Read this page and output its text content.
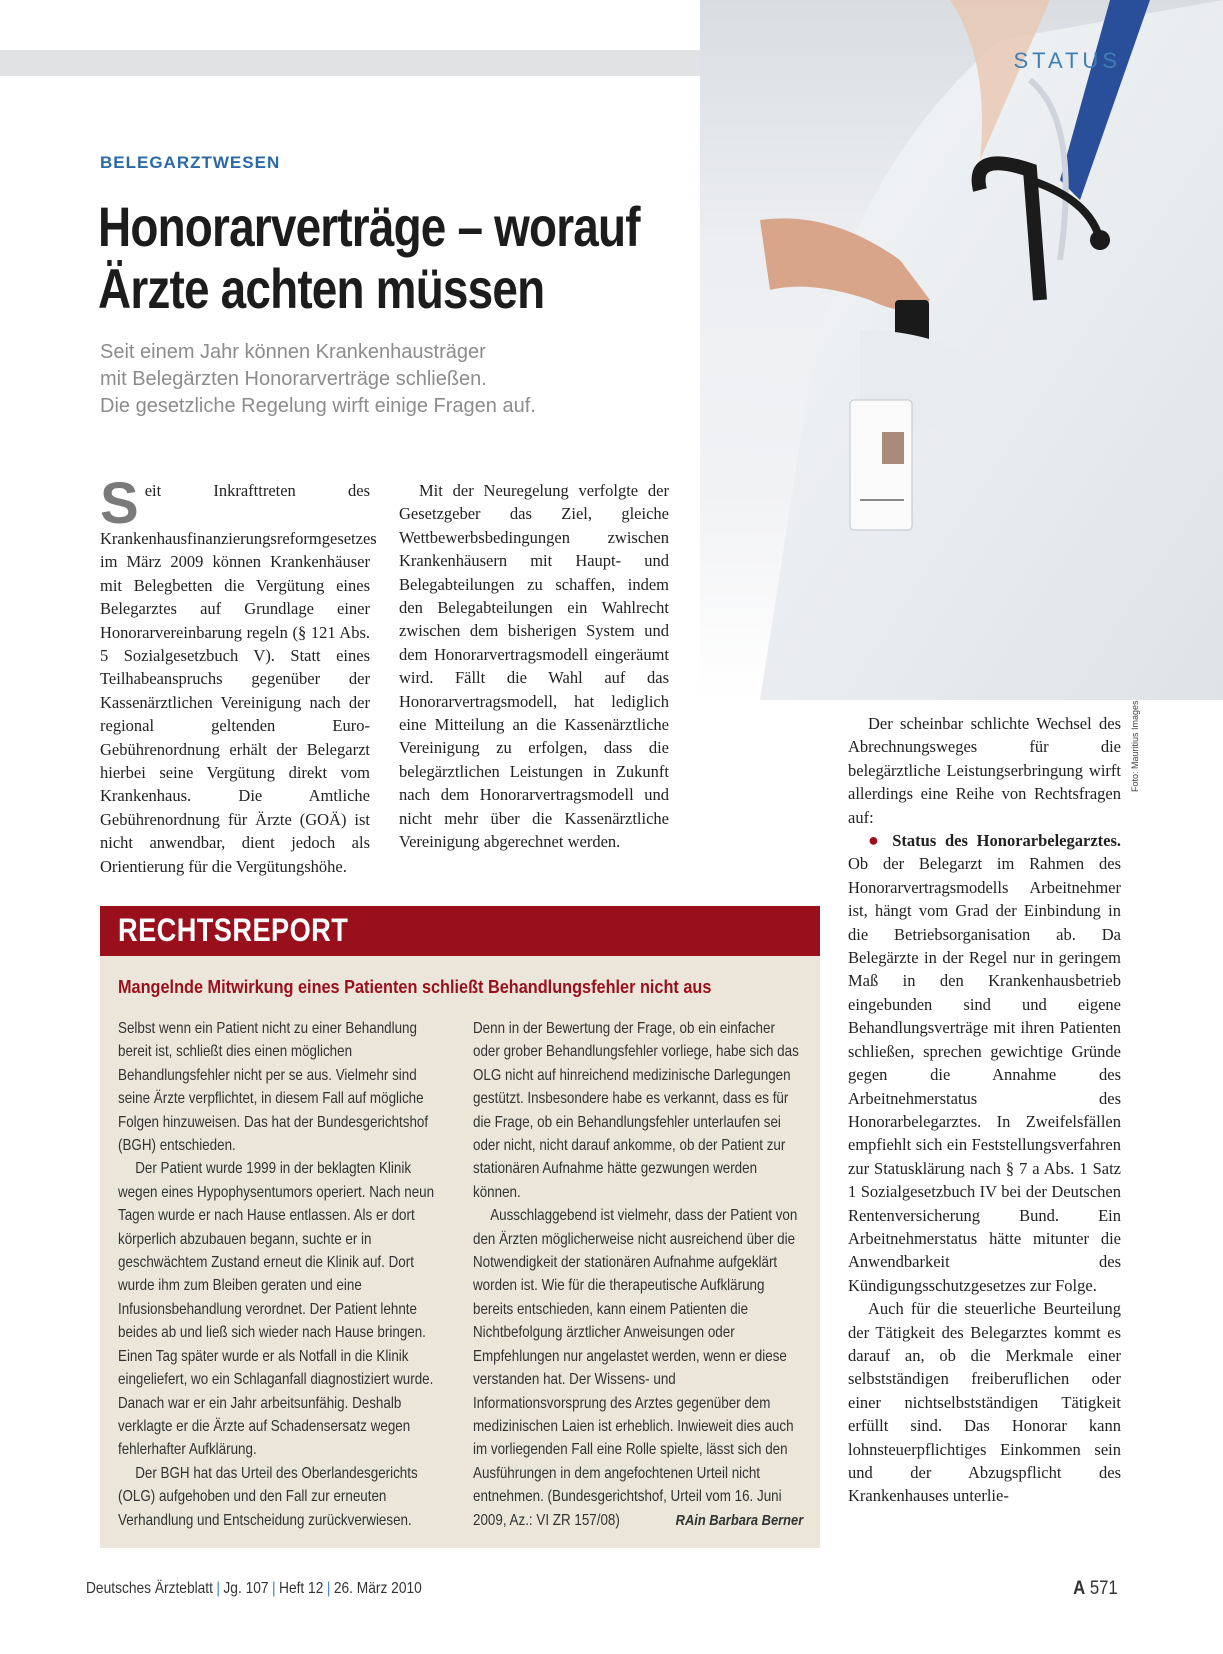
STATUS
Foto: Mauritius Images
BELEGARZTWESEN
Honorarverträge – worauf
Ärzte achten müssen
Seit einem Jahr können Krankenhausträger
mit Belegärzten Honorarverträge schließen.
Die gesetzliche Regelung wirft einige Fragen auf.

Seit Inkrafttreten des Krankenhausfinanzierungsreformgesetzes im März 2009 können Krankenhäuser mit Belegbetten die Vergütung eines Belegarztes auf Grundlage einer Honorarvereinbarung regeln (§ 121 Abs. 5 Sozialgesetzbuch V). Statt eines Teilhabeanspruchs gegenüber der Kassenärztlichen Vereinigung nach der regional geltenden Euro-Gebührenordnung erhält der Belegarzt hierbei seine Vergütung direkt vom Krankenhaus. Die Amtliche Gebührenordnung für Ärzte (GOÄ) ist nicht anwendbar, dient jedoch als Orientierung für die Vergütungshöhe.

Mit der Neuregelung verfolgte der Gesetzgeber das Ziel, gleiche Wettbewerbsbedingungen zwischen Krankenhäusern mit Haupt- und Belegabteilungen zu schaffen, indem den Belegabteilungen ein Wahlrecht zwischen dem bisherigen System und dem Honorarvertragsmodell eingeräumt wird. Fällt die Wahl auf das Honorarvertragsmodell, hat lediglich eine Mitteilung an die Kassenärztliche Vereinigung zu erfolgen, dass die belegärztlichen Leistungen in Zukunft nach dem Honorarvertragsmodell und nicht mehr über die Kassenärztliche Vereinigung abgerechnet werden.

Der scheinbar schlichte Wechsel des Abrechnungsweges für die belegärztliche Leistungserbringung wirft allerdings eine Reihe von Rechtsfragen auf:

● Status des Honorarbelegarztes. Ob der Belegarzt im Rahmen des Honorarvertragsmodells Arbeitnehmer ist, hängt vom Grad der Einbindung in die Betriebsorganisation ab. Da Belegärzte in der Regel nur in geringem Maß in den Krankenhausbetrieb eingebunden sind und eigene Behandlungsverträge mit ihren Patienten schließen, sprechen gewichtige Gründe gegen die Annahme des Arbeitnehmerstatus des Honorarbelegarztes. In Zweifelsfällen empfiehlt sich ein Feststellungsverfahren zur Statusklärung nach § 7 a Abs. 1 Satz 1 Sozialgesetzbuch IV bei der Deutschen Rentenversicherung Bund. Ein Arbeitnehmerstatus hätte mitunter die Anwendbarkeit des Kündigungsschutzgesetzes zur Folge.

Auch für die steuerliche Beurteilung der Tätigkeit des Belegarztes kommt es darauf an, ob die Merkmale einer selbstständigen freiberuflichen oder einer nichtselbstständigen Tätigkeit erfüllt sind. Das Honorar kann lohnsteuerpflichtiges Einkommen sein und der Abzugspflicht des Krankenhauses unterlie-

RECHTSREPORT
Mangelnde Mitwirkung eines Patienten schließt Behandlungsfehler nicht aus

Selbst wenn ein Patient nicht zu einer Behandlung bereit ist, schließt dies einen möglichen Behandlungsfehler nicht per se aus. Vielmehr sind seine Ärzte verpflichtet, in diesem Fall auf mögliche Folgen hinzuweisen. Das hat der Bundesgerichtshof (BGH) entschieden.

Der Patient wurde 1999 in der beklagten Klinik wegen eines Hypophysentumors operiert. Nach neun Tagen wurde er nach Hause entlassen. Als er dort körperlich abzubauen begann, suchte er in geschwächtem Zustand erneut die Klinik auf. Dort wurde ihm zum Bleiben geraten und eine Infusionsbehandlung verordnet. Der Patient lehnte beides ab und ließ sich wieder nach Hause bringen. Einen Tag später wurde er als Notfall in die Klinik eingeliefert, wo ein Schlaganfall diagnostiziert wurde. Danach war er ein Jahr arbeitsunfähig. Deshalb verklagte er die Ärzte auf Schadensersatz wegen fehlerhafter Aufklärung.

Der BGH hat das Urteil des Oberlandesgerichts (OLG) aufgehoben und den Fall zur erneuten Verhandlung und Entscheidung zurückverwiesen.

Denn in der Bewertung der Frage, ob ein einfacher oder grober Behandlungsfehler vorliege, habe sich das OLG nicht auf hinreichend medizinische Darlegungen gestützt. Insbesondere habe es verkannt, dass es für die Frage, ob ein Behandlungsfehler unterlaufen sei oder nicht, nicht darauf ankomme, ob der Patient zur stationären Aufnahme hätte gezwungen werden können.

Ausschlaggebend ist vielmehr, dass der Patient von den Ärzten möglicherweise nicht ausreichend über die Notwendigkeit der stationären Aufnahme aufgeklärt worden ist. Wie für die therapeutische Aufklärung bereits entschieden, kann einem Patienten die Nichtbefolgung ärztlicher Anweisungen oder Empfehlungen nur angelastet werden, wenn er diese verstanden hat. Der Wissens- und Informationsvorsprung des Arztes gegenüber dem medizinischen Laien ist erheblich. Inwieweit dies auch im vorliegenden Fall eine Rolle spielte, lässt sich den Ausführungen in dem angefochtenen Urteil nicht entnehmen. (Bundesgerichtshof, Urteil vom 16. Juni 2009, Az.: VI ZR 157/08)	RAin Barbara Berner

Deutsches Ärzteblatt | Jg. 107 | Heft 12 | 26. März 2010	A 571
